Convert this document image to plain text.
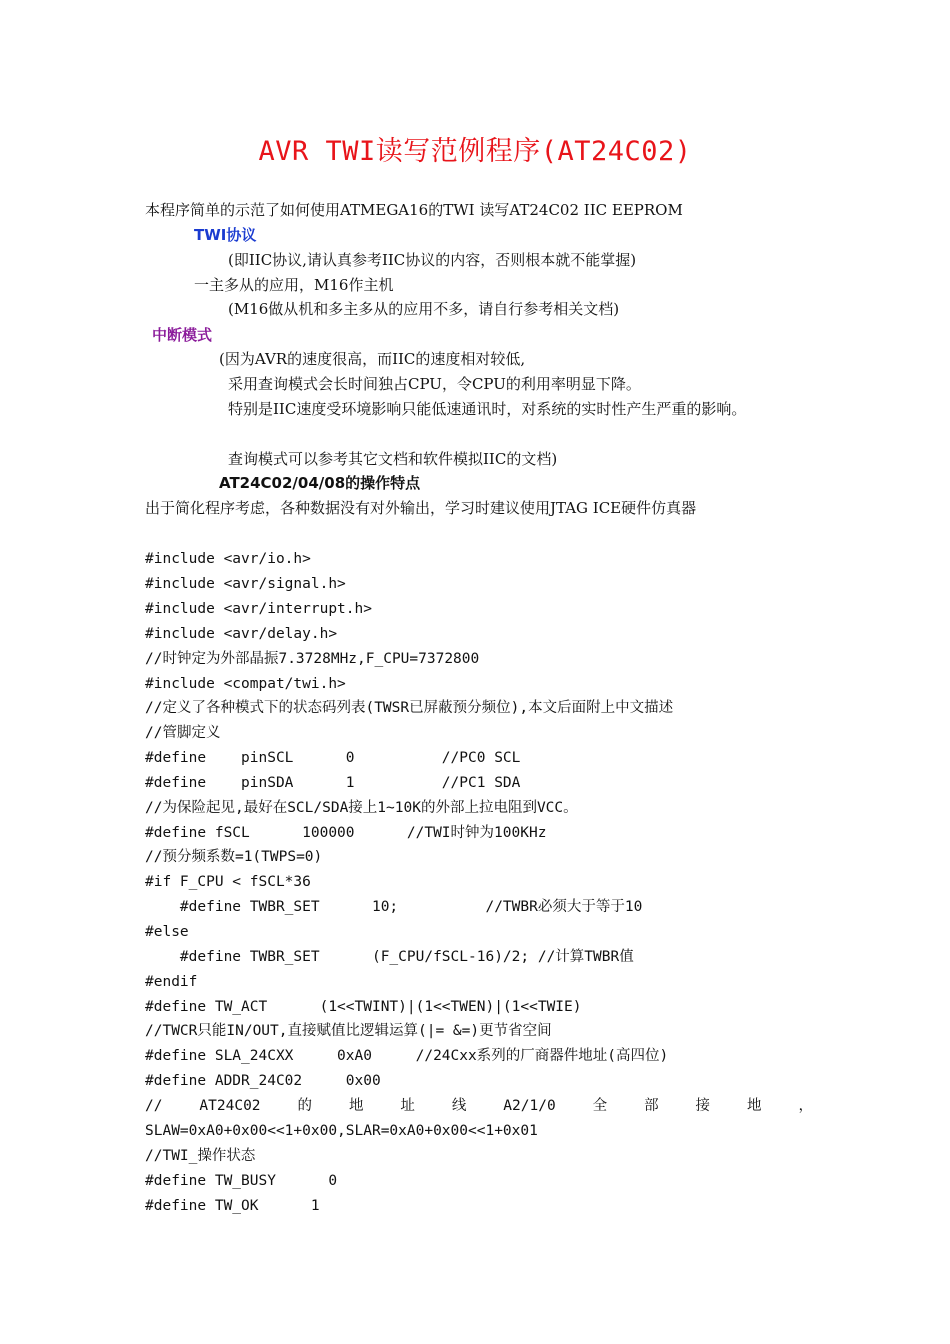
AVR TWI读写范例程序(AT24C02)
本程序简单的示范了如何使用ATMEGA16的TWI 读写AT24C02 IIC EEPROM
TWI协议
(即IIC协议,请认真参考IIC协议的内容，否则根本就不能掌握)
一主多从的应用，M16作主机
(M16做从机和多主多从的应用不多，请自行参考相关文档)
中断模式
(因为AVR的速度很高，而IIC的速度相对较低,
采用查询模式会长时间独占CPU，令CPU的利用率明显下降。
特别是IIC速度受环境影响只能低速通讯时，对系统的实时性产生严重的影响。
查询模式可以参考其它文档和软件模拟IIC的文档)
AT24C02/04/08的操作特点
出于简化程序考虑，各种数据没有对外输出，学习时建议使用JTAG ICE硬件仿真器
#include <avr/io.h>
#include <avr/signal.h>
#include <avr/interrupt.h>
#include <avr/delay.h>
//时钟定为外部晶振7.3728MHz,F_CPU=7372800
#include <compat/twi.h>
//定义了各种模式下的状态码列表(TWSR已屏蔽预分频位),本文后面附上中文描述
//管脚定义
#define    pinSCL      0          //PC0 SCL
#define    pinSDA      1          //PC1 SDA
//为保险起见,最好在SCL/SDA接上1~10K的外部上拉电阻到VCC。
#define fSCL      100000      //TWI时钟为100KHz
//预分频系数=1(TWPS=0)
#if F_CPU < fSCL*36
#define TWBR_SET      10;          //TWBR必须大于等于10
#else
#define TWBR_SET      (F_CPU/fSCL-16)/2; //计算TWBR值
#endif
#define TW_ACT      (1<<TWINT)|(1<<TWEN)|(1<<TWIE)
//TWCR只能IN/OUT,直接赋值比逻辑运算(|= &=)更节省空间
#define SLA_24CXX     0xA0     //24Cxx系列的厂商器件地址(高四位)
#define ADDR_24C02     0x00
//	AT24C02	的	地	址	线	A2/1/0	全	部	接	地	，
SLAW=0xA0+0x00<<1+0x00,SLAR=0xA0+0x00<<1+0x01
//TWI_操作状态
#define TW_BUSY      0
#define TW_OK      1
